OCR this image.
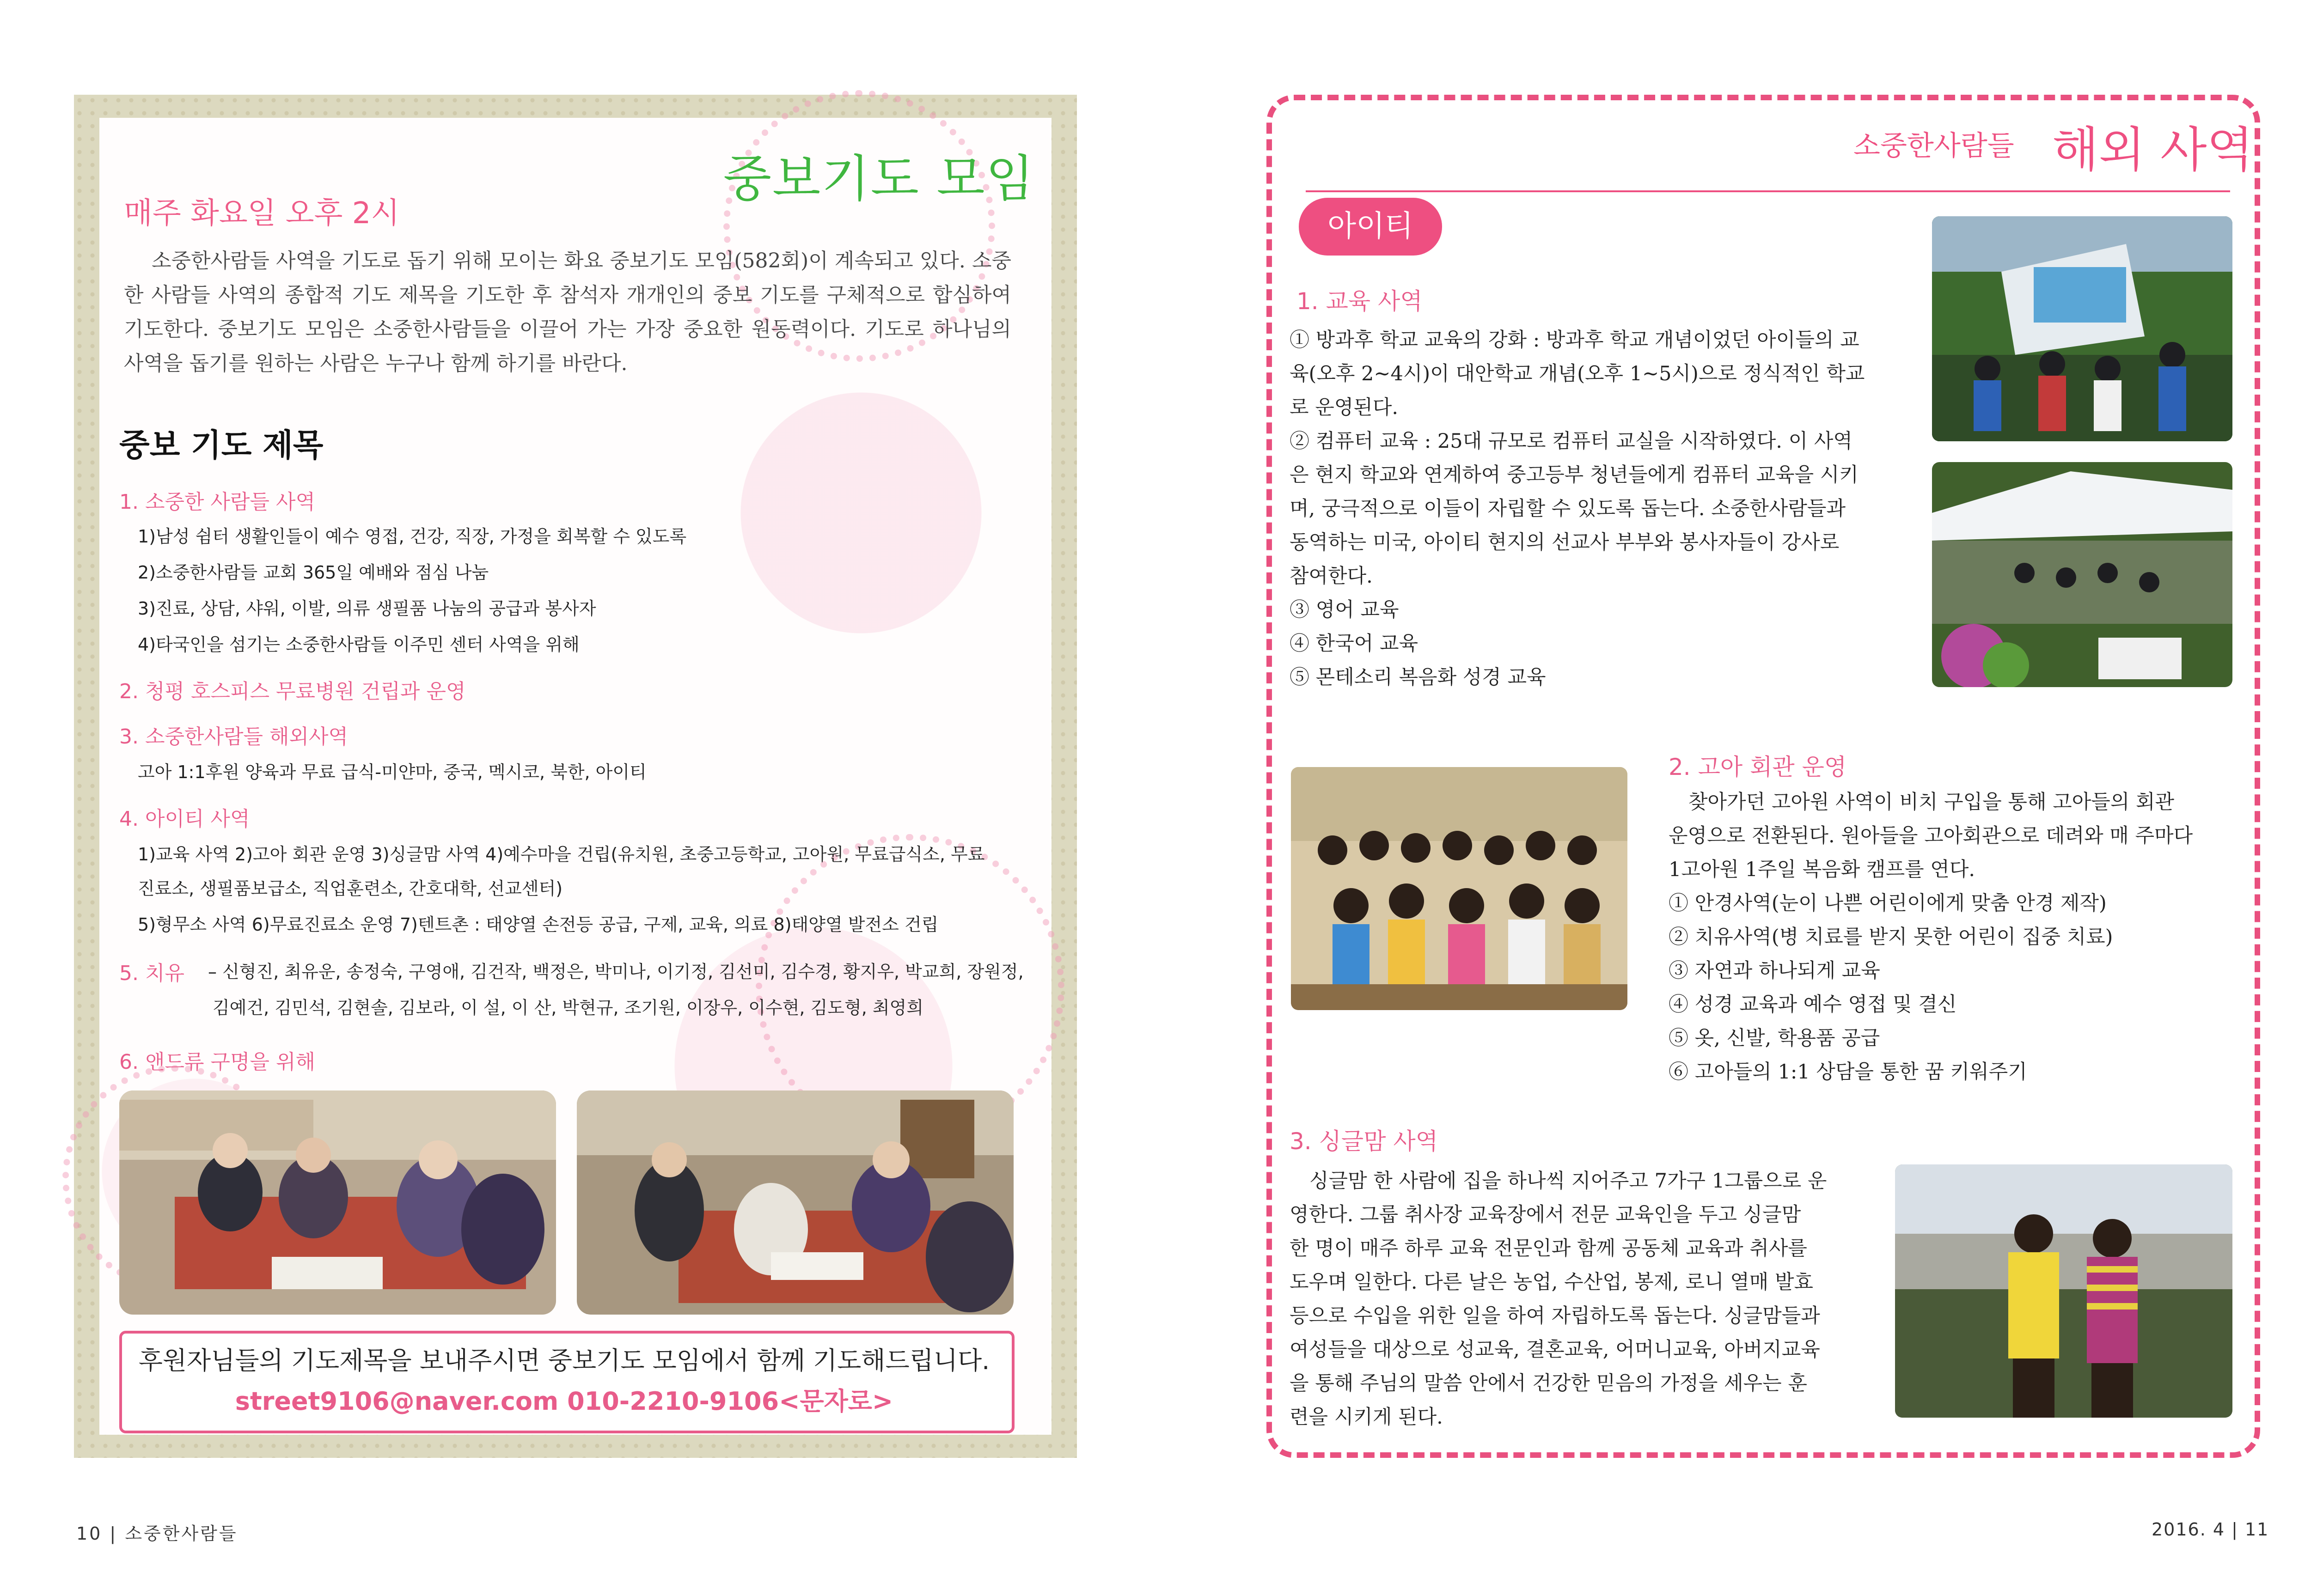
중보기도 모임
매주 화요일 오후 2시
소중한사람들 사역을 기도로 돕기 위해 모이는 화요 중보기도 모임(582회)이 계속되고 있다. 소중한 사람들 사역의 종합적 기도 제목을 기도한 후 참석자 개개인의 중보 기도를 구체적으로 합심하여 기도한다. 중보기도 모임은 소중한사람들을 이끌어 가는 가장 중요한 원동력이다. 기도로 하나님의 사역을 돕기를 원하는 사람은 누구나 함께 하기를 바란다.
중보 기도 제목
1. 소중한 사람들 사역
1)남성 쉼터 생활인들이 예수 영접, 건강, 직장, 가정을 회복할 수 있도록
2)소중한사람들 교회 365일 예배와 점심 나눔
3)진료, 상담, 샤워, 이발, 의류 생필품 나눔의 공급과 봉사자
4)타국인을 섬기는 소중한사람들 이주민 센터 사역을 위해
2. 청평 호스피스 무료병원 건립과 운영
3. 소중한사람들 해외사역
고아 1:1후원 양육과 무료 급식-미얀마, 중국, 멕시코, 북한, 아이티
4. 아이티 사역
1)교육 사역 2)고아 회관 운영 3)싱글맘 사역 4)예수마을 건립(유치원, 초중고등학교, 고아원, 무료급식소, 무료
진료소, 생필품보급소, 직업훈련소, 간호대학, 선교센터)
5)형무소 사역 6)무료진료소 운영 7)텐트촌 : 태양열 손전등 공급, 구제, 교육, 의료 8)태양열 발전소 건립
5. 치유 – 신형진, 최유운, 송정숙, 구영애, 김건작, 백정은, 박미나, 이기정, 김선미, 김수경, 황지우, 박교희, 장원정,
김예건, 김민석, 김현솔, 김보라, 이 설, 이 산, 박현규, 조기원, 이장우, 이수현, 김도형, 최영희
6. 앤드류 구명을 위해
후원자님들의 기도제목을 보내주시면 중보기도 모임에서 함께 기도해드립니다.
street9106@naver.com 010-2210-9106<문자로>
소중한사람들 해외 사역
아이티
1. 교육 사역
① 방과후 학교 교육의 강화 : 방과후 학교 개념이었던 아이들의 교
육(오후 2~4시)이 대안학교 개념(오후 1~5시)으로 정식적인 학교
로 운영된다.
② 컴퓨터 교육 : 25대 규모로 컴퓨터 교실을 시작하였다. 이 사역
은 현지 학교와 연계하여 중고등부 청년들에게 컴퓨터 교육을 시키
며, 궁극적으로 이들이 자립할 수 있도록 돕는다. 소중한사람들과
동역하는 미국, 아이티 현지의 선교사 부부와 봉사자들이 강사로
참여한다.
③ 영어 교육
④ 한국어 교육
⑤ 몬테소리 복음화 성경 교육
2. 고아 회관 운영
　찾아가던 고아원 사역이 비치 구입을 통해 고아들의 회관
운영으로 전환된다. 원아들을 고아회관으로 데려와 매 주마다
1고아원 1주일 복음화 캠프를 연다.
① 안경사역(눈이 나쁜 어린이에게 맞춤 안경 제작)
② 치유사역(병 치료를 받지 못한 어린이 집중 치료)
③ 자연과 하나되게 교육
④ 성경 교육과 예수 영접 및 결신
⑤ 옷, 신발, 학용품 공급
⑥ 고아들의 1:1 상담을 통한 꿈 키워주기
3. 싱글맘 사역
　싱글맘 한 사람에 집을 하나씩 지어주고 7가구 1그룹으로 운
영한다. 그룹 취사장 교육장에서 전문 교육인을 두고 싱글맘
한 명이 매주 하루 교육 전문인과 함께 공동체 교육과 취사를
도우며 일한다. 다른 날은 농업, 수산업, 봉제, 로니 열매 발효
등으로 수입을 위한 일을 하여 자립하도록 돕는다. 싱글맘들과
여성들을 대상으로 성교육, 결혼교육, 어머니교육, 아버지교육
을 통해 주님의 말씀 안에서 건강한 믿음의 가정을 세우는 훈
련을 시키게 된다.
10 | 소중한사람들	2016. 4 | 11
